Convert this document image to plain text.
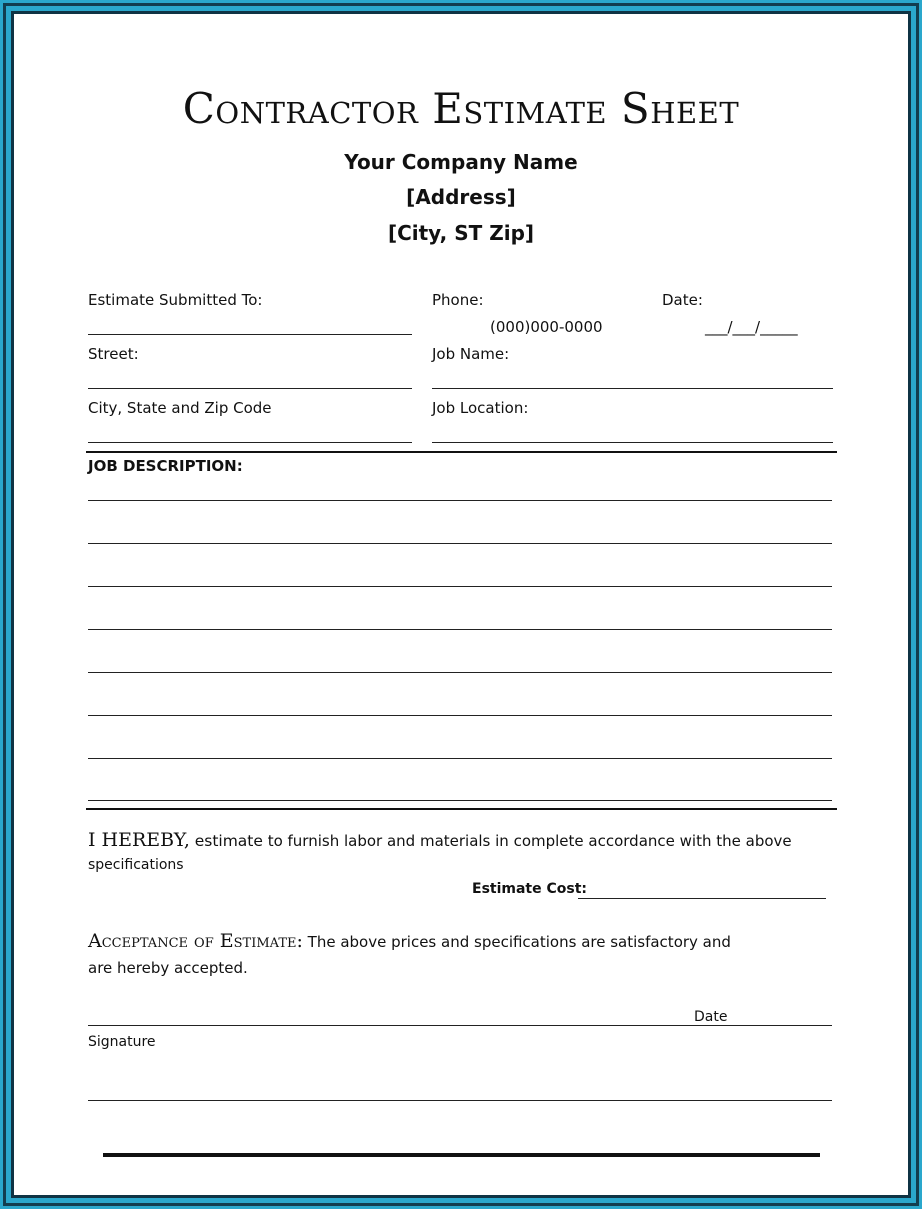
Contractor Estimate Sheet
Your Company Name
[Address]
[City, ST Zip]
Estimate Submitted To:	Phone:	Date:
(000)000-0000	___/___/_____
Street:	Job Name:
City, State and Zip Code	Job Location:
JOB DESCRIPTION:
I HEREBY, estimate to furnish labor and materials in complete accordance with the above
specifications
Estimate Cost:
Acceptance of Estimate: The above prices and specifications are satisfactory and
are hereby accepted.
Date
Signature
